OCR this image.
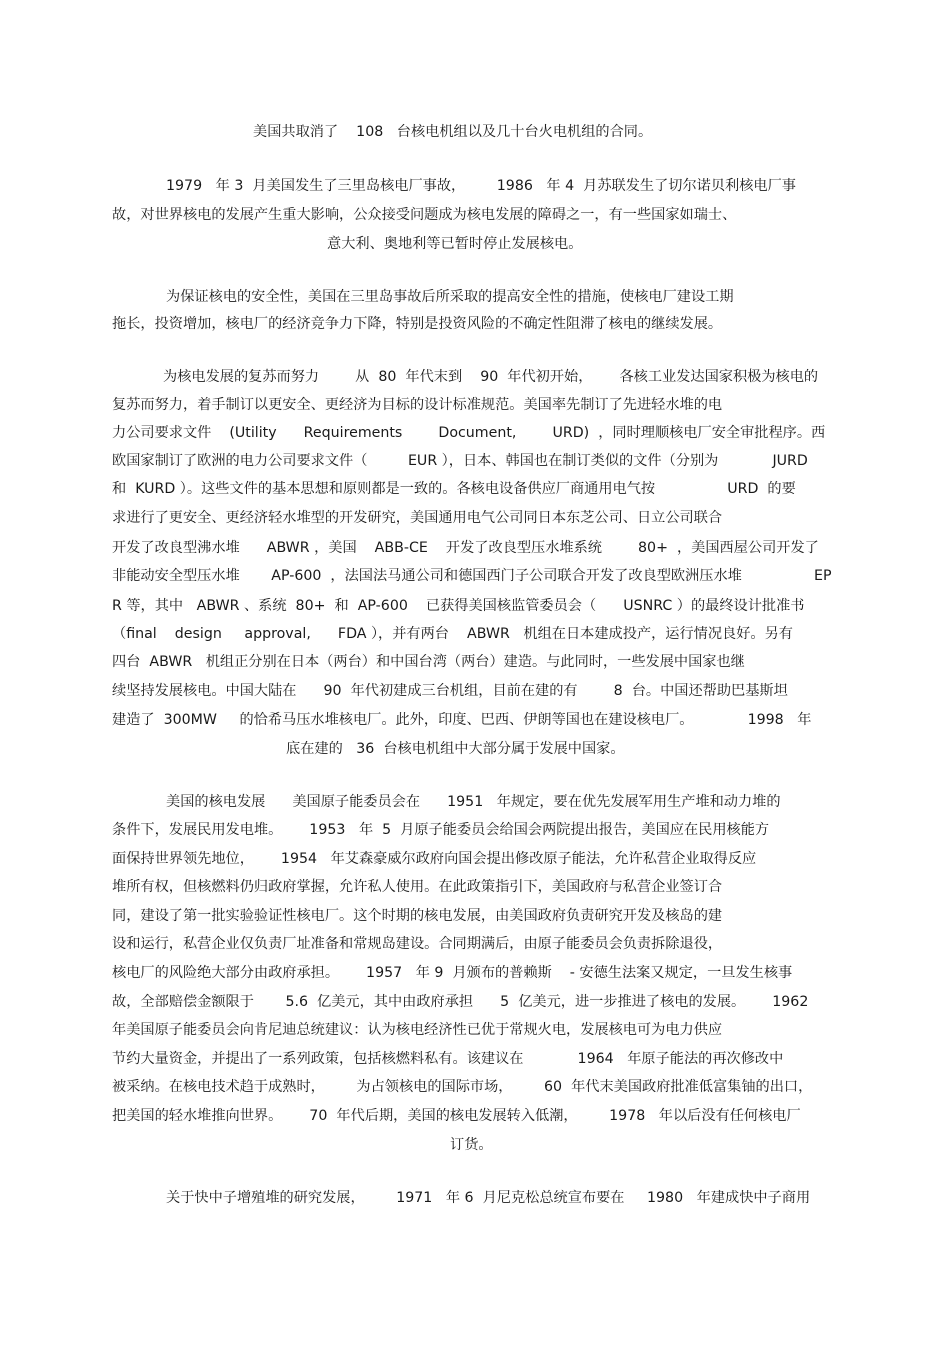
美国共取消了    108   台核电机组以及几十台火电机组的合同。

1979   年 3  月美国发生了三里岛核电厂事故，       1986   年 4  月苏联发生了切尔诺贝利核电厂事

故，对世界核电的发展产生重大影响，公众接受问题成为核电发展的障碍之一，有一些国家如瑞士、

意大利、奥地利等已暂时停止发展核电。

为保证核电的安全性，美国在三里岛事故后所采取的提高安全性的措施，使核电厂建设工期

拖长，投资增加，核电厂的经济竞争力下降，特别是投资风险的不确定性阻滞了核电的继续发展。

为核电发展的复苏而努力        从  80  年代末到    90  年代初开始，      各核工业发达国家积极为核电的

复苏而努力，着手制订以更安全、更经济为目标的设计标准规范。美国率先制订了先进轻水堆的电

力公司要求文件    (Utility      Requirements        Document,        URD)  ，同时理顺核电厂安全审批程序。西

欧国家制订了欧洲的电力公司要求文件（         EUR ），日本、韩国也在制订类似的文件（分别为            JURD

和  KURD ）。这些文件的基本思想和原则都是一致的。各核电设备供应厂商通用电气按                URD  的要

求进行了更安全、更经济轻水堆型的开发研究，美国通用电气公司同日本东芝公司、日立公司联合

开发了改良型沸水堆      ABWR ，美国    ABB-CE    开发了改良型压水堆系统        80+  ，美国西屋公司开发了

非能动安全型压水堆       AP-600  ，法国法马通公司和德国西门子公司联合开发了改良型欧洲压水堆                EP

R 等，其中   ABWR 、系统  80+  和  AP-600    已获得美国核监管委员会（      USNRC ）的最终设计批准书

（final    design     approval,      FDA ），并有两台    ABWR   机组在日本建成投产，运行情况良好。另有

四台  ABWR   机组正分别在日本（两台）和中国台湾（两台）建造。与此同时，一些发展中国家也继

续坚持发展核电。中国大陆在      90  年代初建成三台机组，目前在建的有        8  台。中国还帮助巴基斯坦

建造了  300MW     的恰希马压水堆核电厂。此外，印度、巴西、伊朗等国也在建设核电厂。            1998   年

底在建的   36  台核电机组中大部分属于发展中国家。

美国的核电发展      美国原子能委员会在      1951   年规定，要在优先发展军用生产堆和动力堆的

条件下，发展民用发电堆。      1953   年  5  月原子能委员会给国会两院提出报告，美国应在民用核能方

面保持世界领先地位，      1954   年艾森豪威尔政府向国会提出修改原子能法，允许私营企业取得反应

堆所有权，但核燃料仍归政府掌握，允许私人使用。在此政策指引下，美国政府与私营企业签订合

同，建设了第一批实验验证性核电厂。这个时期的核电发展，由美国政府负责研究开发及核岛的建

设和运行，私营企业仅负责厂址准备和常规岛建设。合同期满后，由原子能委员会负责拆除退役，

核电厂的风险绝大部分由政府承担。      1957   年 9  月颁布的普赖斯    - 安德生法案又规定，一旦发生核事

故，全部赔偿金额限于       5.6  亿美元，其中由政府承担      5  亿美元，进一步推进了核电的发展。      1962

年美国原子能委员会向肯尼迪总统建议：认为核电经济性已优于常规火电，发展核电可为电力供应

节约大量资金，并提出了一系列政策，包括核燃料私有。该建议在            1964   年原子能法的再次修改中

被采纳。在核电技术趋于成熟时，       为占领核电的国际市场，       60  年代末美国政府批准低富集铀的出口，

把美国的轻水堆推向世界。      70  年代后期，美国的核电发展转入低潮，       1978   年以后没有任何核电厂

订货。

关于快中子增殖堆的研究发展，       1971   年 6  月尼克松总统宣布要在     1980   年建成快中子商用
